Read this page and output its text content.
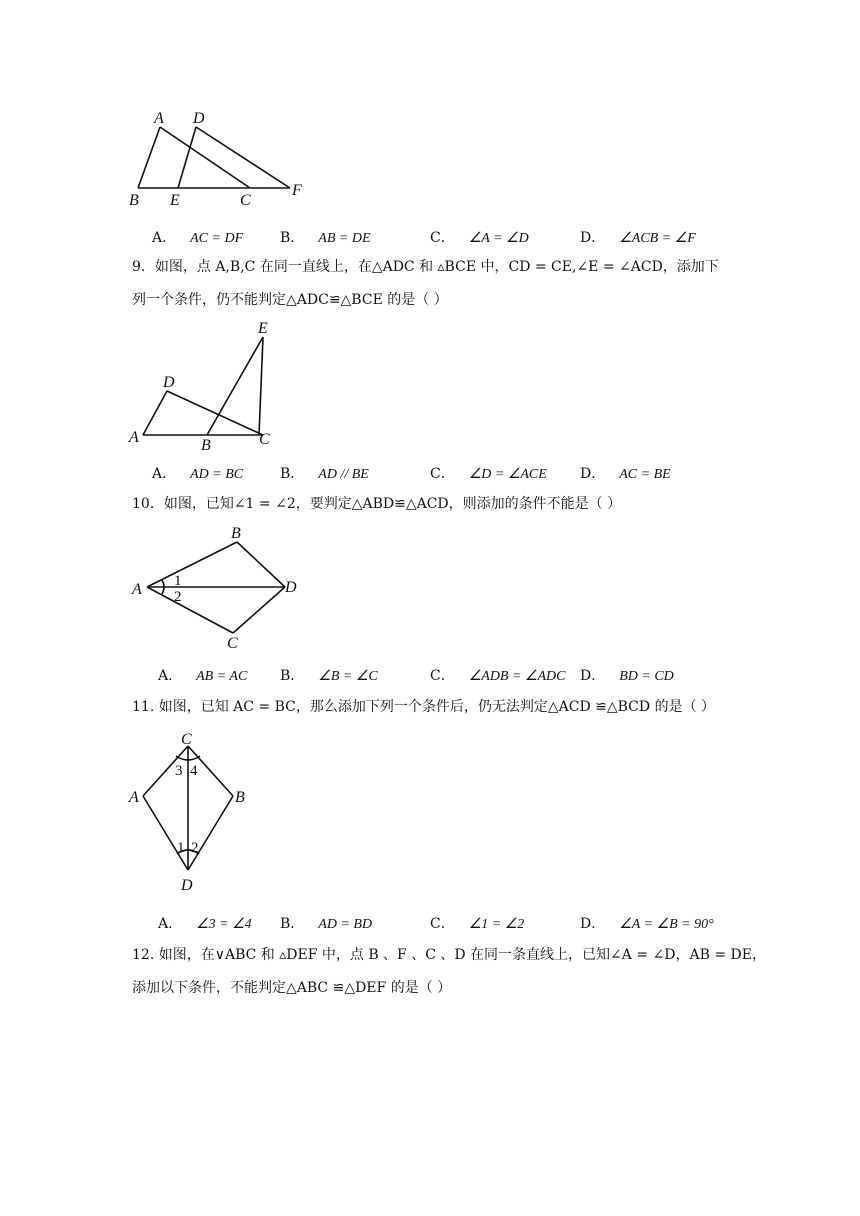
A D
B E	C
F
A． AC = DF	B． AB = DE	C． ∠A = ∠D	D． ∠ACB = ∠F
9．如图，点 A,B,C 在同一直线上，在△ADC 和 ▵BCE 中，CD = CE,∠E = ∠ACD，添加下
列一个条件，仍不能判定△ADC≌△BCE 的是（ ）
E
D
A	B	C
A． AD = BC	B． AD // BE	C． ∠D = ∠ACE D． AC = BE
10．如图，已知∠1 = ∠2，要判定△ABD≌△ACD，则添加的条件不能是（ ）
B
A	D
C
1
2
A． AB = AC B． ∠B = ∠C	C． ∠ADB = ∠ADC D． BD = CD
11. 如图，已知 AC = BC，那么添加下列一个条件后，仍无法判定△ACD ≌△BCD 的是（ ）
C
A	B
D
3 4
1 2
A． ∠3 = ∠4 B． AD = BD	C． ∠1 = ∠2	D． ∠A = ∠B = 90°
12. 如图，在∨ABC 和 ▵DEF 中，点 B 、F 、C 、D 在同一条直线上，已知∠A = ∠D，AB = DE，
添加以下条件，不能判定△ABC ≌△DEF 的是（ ）
